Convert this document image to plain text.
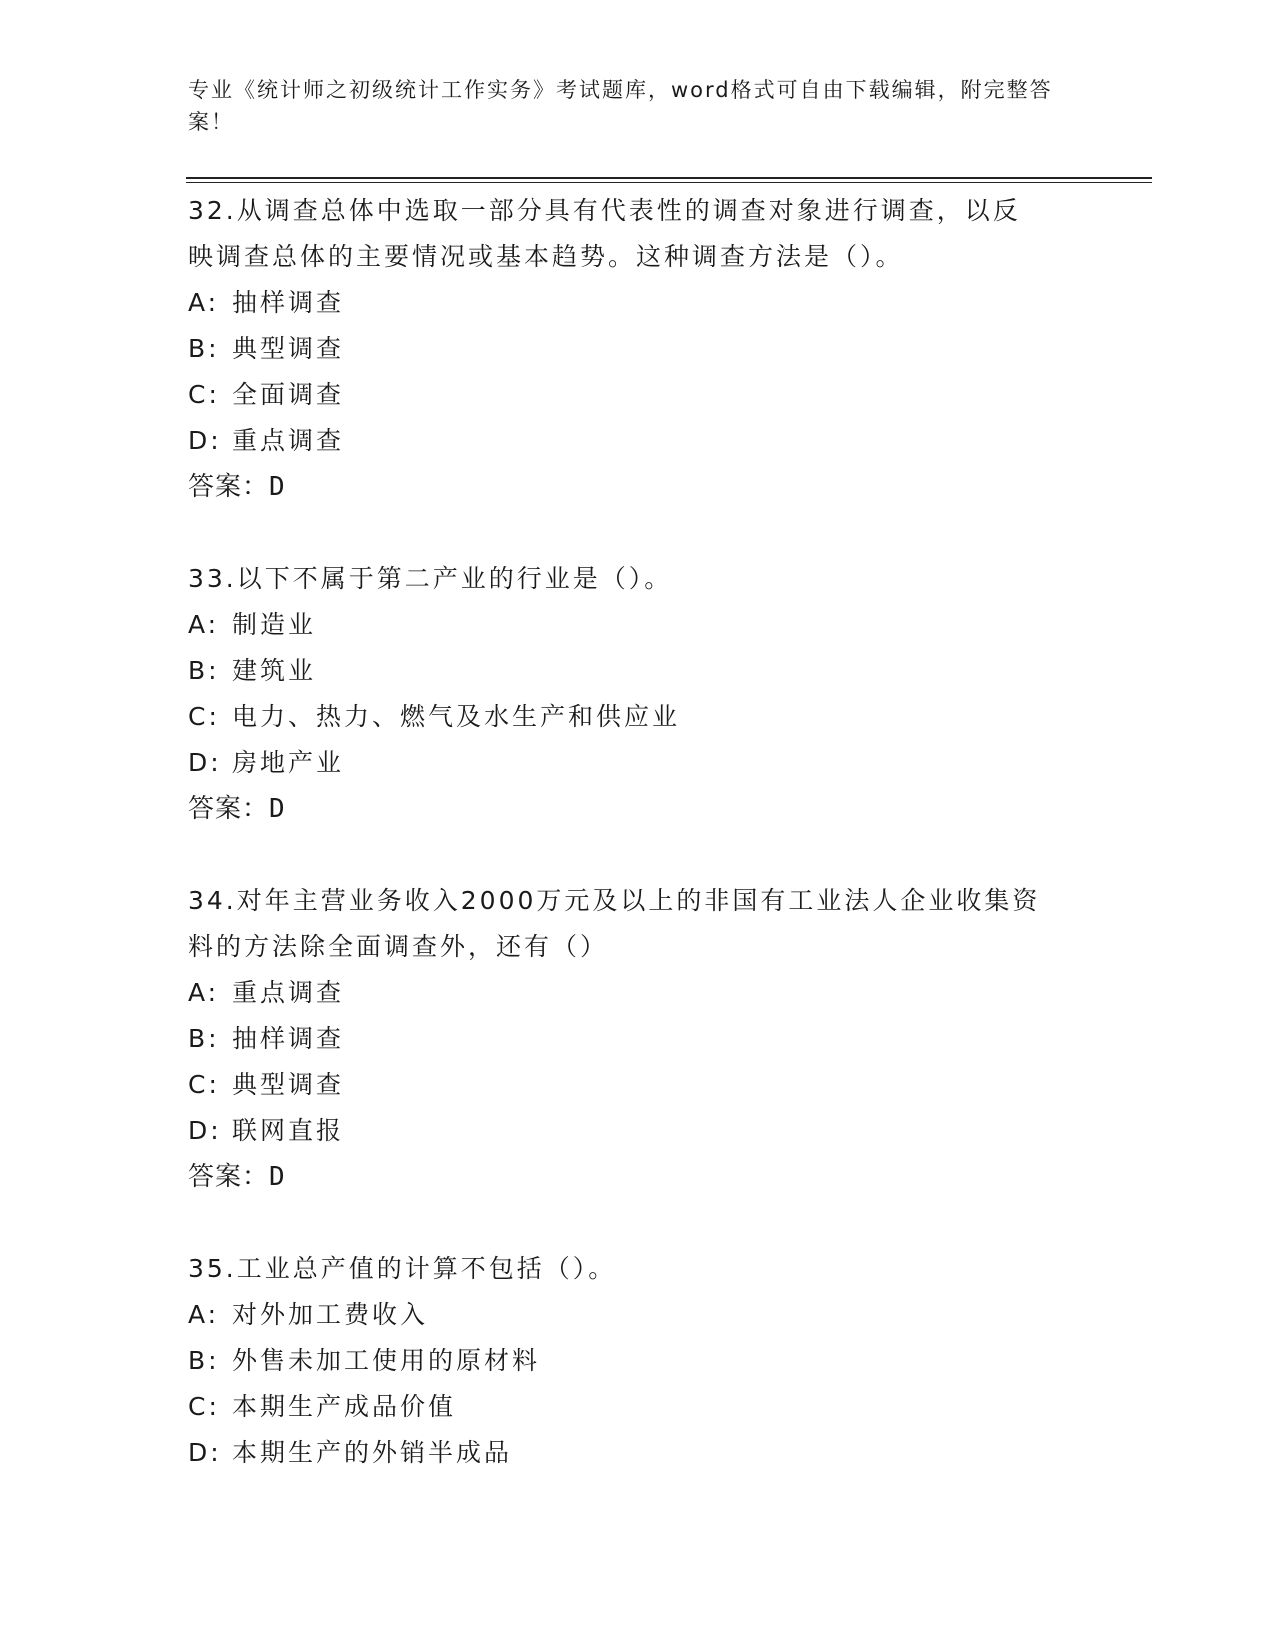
专业《统计师之初级统计工作实务》考试题库，word格式可自由下载编辑，附完整答案！

32.从调查总体中选取一部分具有代表性的调查对象进行调查，以反映调查总体的主要情况或基本趋势。这种调查方法是（）。

A: 抽样调查

B: 典型调查

C: 全面调查

D: 重点调查

答案：D

33.以下不属于第二产业的行业是（）。

A: 制造业

B: 建筑业

C: 电力、热力、燃气及水生产和供应业

D: 房地产业

答案：D

34.对年主营业务收入2000万元及以上的非国有工业法人企业收集资料的方法除全面调查外，还有（）

A: 重点调查

B: 抽样调查

C: 典型调查

D: 联网直报

答案：D

35.工业总产值的计算不包括（）。

A: 对外加工费收入

B: 外售未加工使用的原材料

C: 本期生产成品价值

D: 本期生产的外销半成品
